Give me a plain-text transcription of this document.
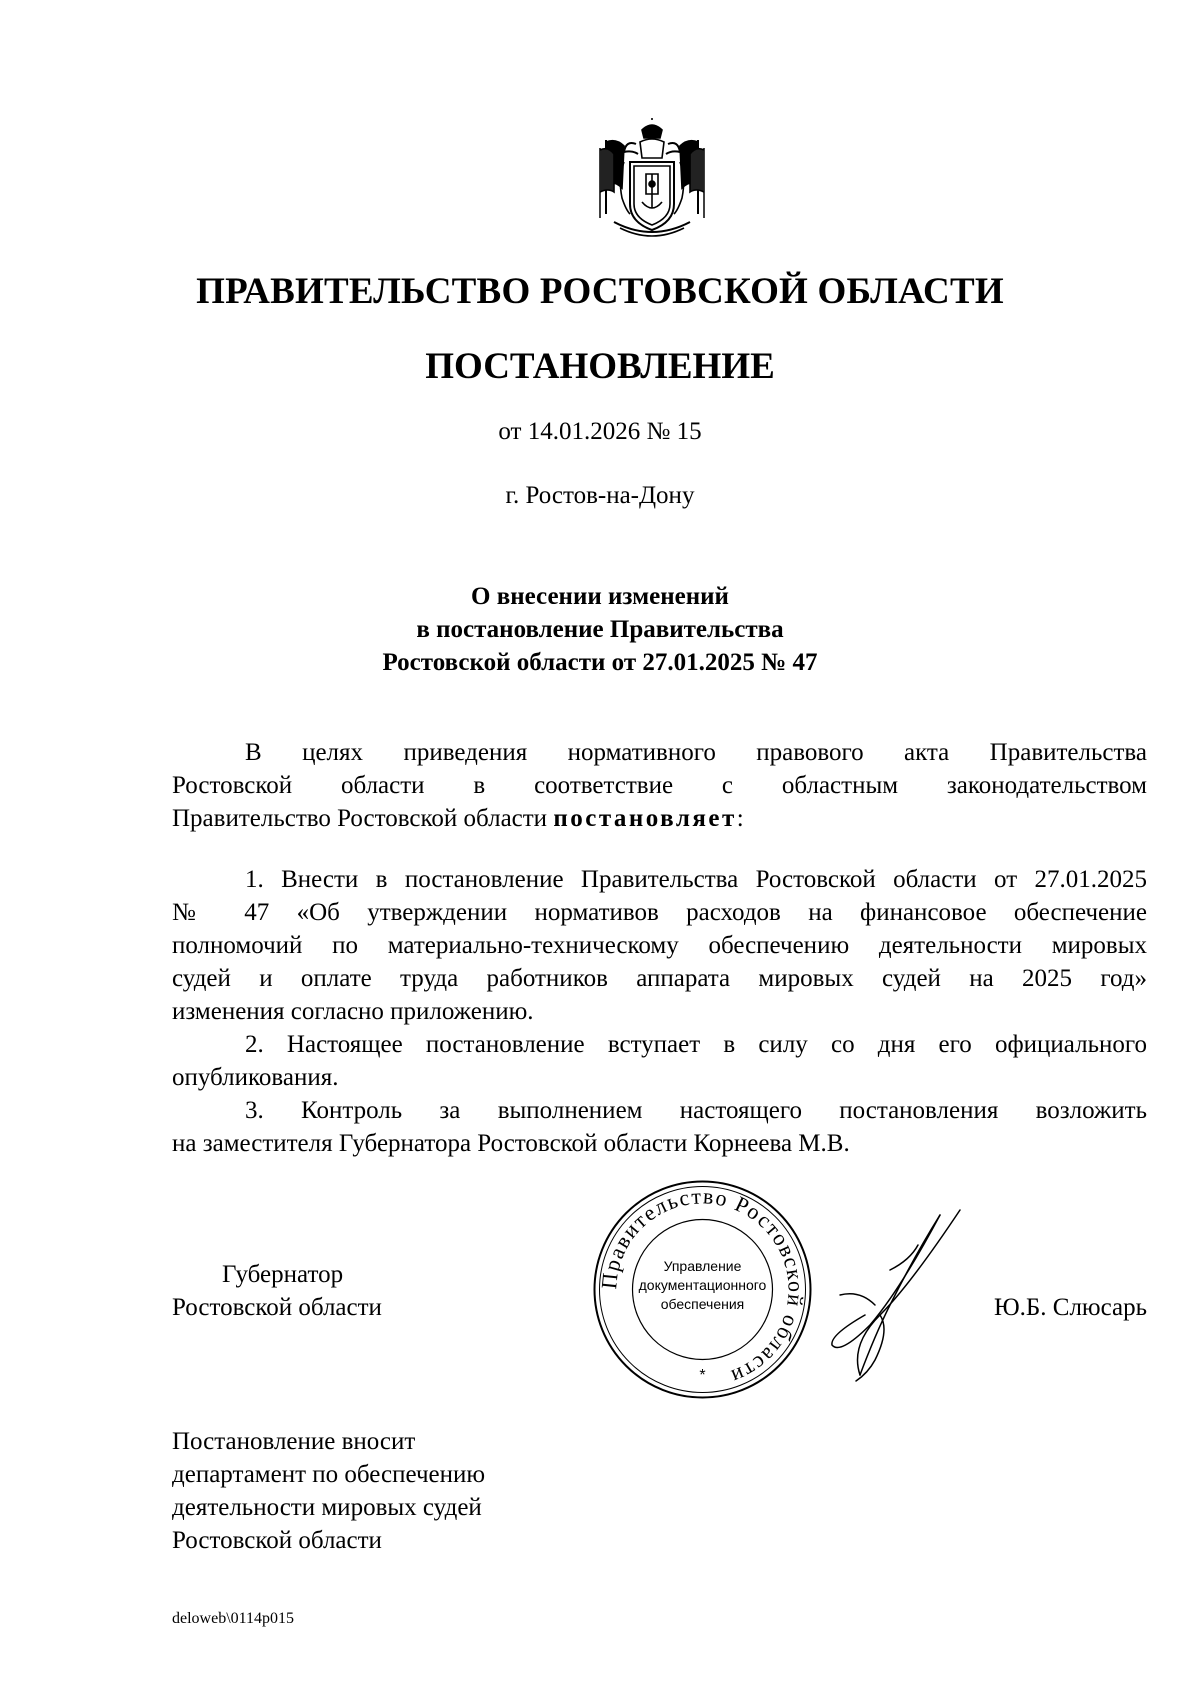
ПРАВИТЕЛЬСТВО РОСТОВСКОЙ ОБЛАСТИ
ПОСТАНОВЛЕНИЕ
от 14.01.2026 № 15
г. Ростов-на-Дону
О внесении изменений
в постановление Правительства
Ростовской области от 27.01.2025 № 47
В целях приведения нормативного правового акта Правительства
Ростовской области в соответствие с областным законодательством
Правительство Ростовской области постановляет:
1. Внести в постановление Правительства Ростовской области от 27.01.2025
№ 47 «Об утверждении нормативов расходов на финансовое обеспечение
полномочий по материально-техническому обеспечению деятельности мировых
судей и оплате труда работников аппарата мировых судей на 2025 год»
изменения согласно приложению.
2. Настоящее постановление вступает в силу со дня его официального
опубликования.
3. Контроль за выполнением настоящего постановления возложить
на заместителя Губернатора Ростовской области Корнеева М.В.
Губернатор
Ростовской области
Правительство Ростовской области
Управление
документационного
обеспечения
*
Ю.Б. Слюсарь
Постановление вносит
департамент по обеспечению
деятельности мировых судей
Ростовской области
deloweb\0114p015
